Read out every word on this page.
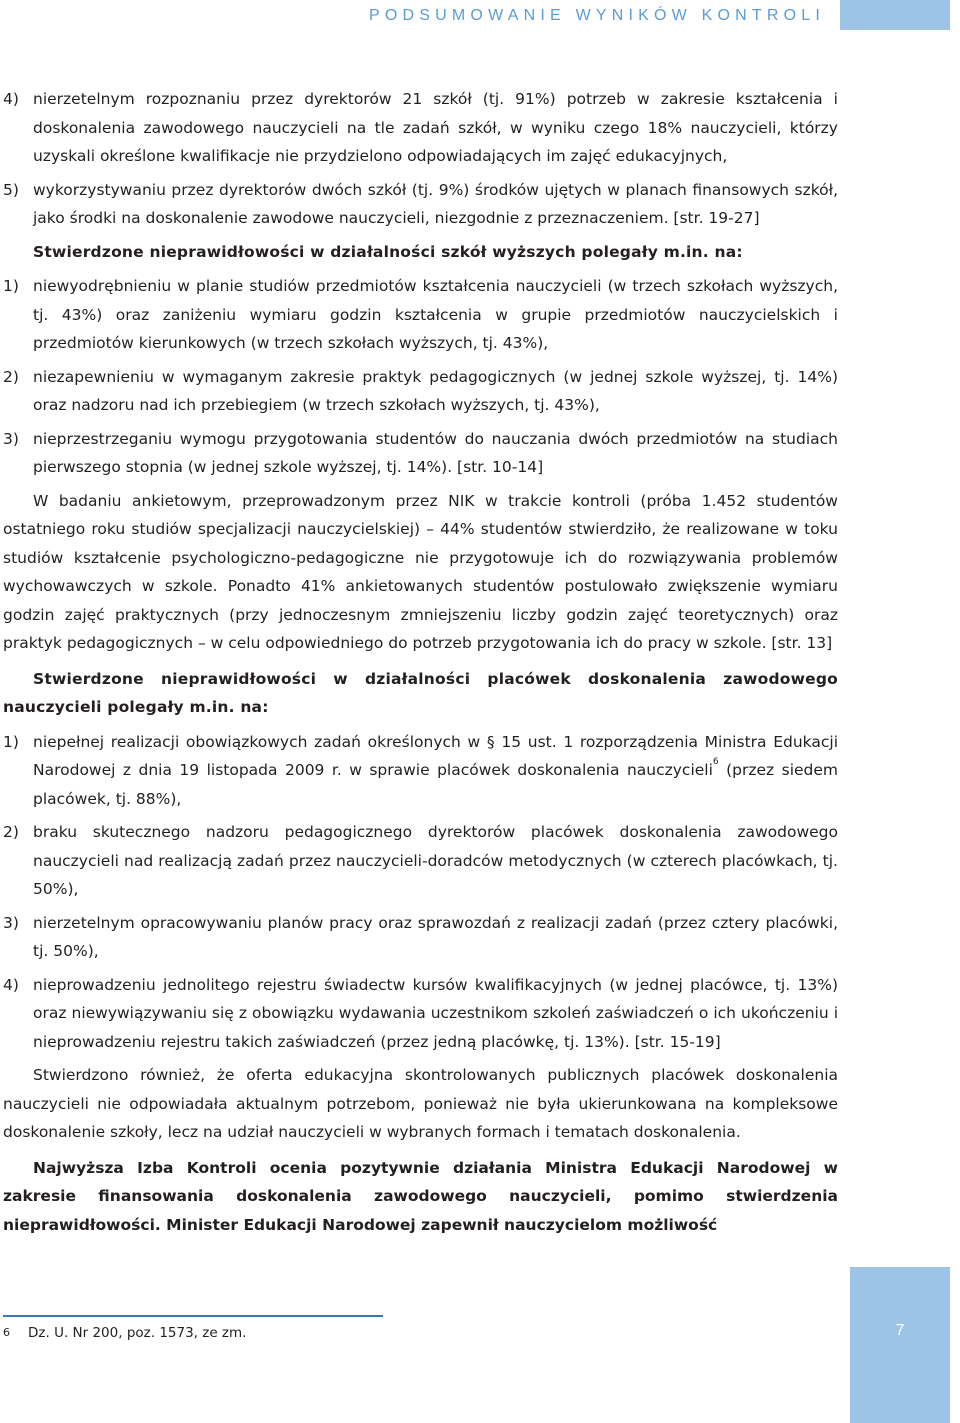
PODSUMOWANIE WYNIKÓW KONTROLI
4) nierzetelnym rozpoznaniu przez dyrektorów 21 szkół (tj. 91%) potrzeb w zakresie kształcenia i doskonalenia zawodowego nauczycieli na tle zadań szkół, w wyniku czego 18% nauczycieli, którzy uzyskali określone kwalifikacje nie przydzielono odpowiadających im zajęć edukacyjnych,

5) wykorzystywaniu przez dyrektorów dwóch szkół (tj. 9%) środków ujętych w planach finansowych szkół, jako środki na doskonalenie zawodowe nauczycieli, niezgodnie z przeznaczeniem. [str. 19-27]

Stwierdzone nieprawidłowości w działalności szkół wyższych polegały m.in. na:

1) niewyodrębnieniu w planie studiów przedmiotów kształcenia nauczycieli (w trzech szkołach wyższych, tj. 43%) oraz zaniżeniu wymiaru godzin kształcenia w grupie przedmiotów nauczycielskich i przedmiotów kierunkowych (w trzech szkołach wyższych, tj. 43%),

2) niezapewnieniu w wymaganym zakresie praktyk pedagogicznych (w jednej szkole wyższej, tj. 14%) oraz nadzoru nad ich przebiegiem (w trzech szkołach wyższych, tj. 43%),

3) nieprzestrzeganiu wymogu przygotowania studentów do nauczania dwóch przedmiotów na studiach pierwszego stopnia (w jednej szkole wyższej, tj. 14%). [str. 10-14]

W badaniu ankietowym, przeprowadzonym przez NIK w trakcie kontroli (próba 1.452 studentów ostatniego roku studiów specjalizacji nauczycielskiej) – 44% studentów stwierdziło, że realizowane w toku studiów kształcenie psychologiczno-pedagogiczne nie przygotowuje ich do rozwiązywania problemów wychowawczych w szkole. Ponadto 41% ankietowanych studentów postulowało zwiększenie wymiaru godzin zajęć praktycznych (przy jednoczesnym zmniejszeniu liczby godzin zajęć teoretycznych) oraz praktyk pedagogicznych – w celu odpowiedniego do potrzeb przygotowania ich do pracy w szkole. [str. 13]

Stwierdzone nieprawidłowości w działalności placówek doskonalenia zawodowego nauczycieli polegały m.in. na:

1) niepełnej realizacji obowiązkowych zadań określonych w § 15 ust. 1 rozporządzenia Ministra Edukacji Narodowej z dnia 19 listopada 2009 r. w sprawie placówek doskonalenia nauczycieli$^6$ (przez siedem placówek, tj. 88%),

2) braku skutecznego nadzoru pedagogicznego dyrektorów placówek doskonalenia zawodowego nauczycieli nad realizacją zadań przez nauczycieli-doradców metodycznych (w czterech placówkach, tj. 50%),

3) nierzetelnym opracowywaniu planów pracy oraz sprawozdań z realizacji zadań (przez cztery placówki, tj. 50%),

4) nieprowadzeniu jednolitego rejestru świadectw kursów kwalifikacyjnych (w jednej placówce, tj. 13%) oraz niewywiązywaniu się z obowiązku wydawania uczestnikom szkoleń zaświadczeń o ich ukończeniu i nieprowadzeniu rejestru takich zaświadczeń (przez jedną placówkę, tj. 13%). [str. 15-19]

Stwierdzono również, że oferta edukacyjna skontrolowanych publicznych placówek doskonalenia nauczycieli nie odpowiadała aktualnym potrzebom, ponieważ nie była ukierunkowana na kompleksowe doskonalenie szkoły, lecz na udział nauczycieli w wybranych formach i tematach doskonalenia.

Najwyższa Izba Kontroli ocenia pozytywnie działania Ministra Edukacji Narodowej w zakresie finansowania doskonalenia zawodowego nauczycieli, pomimo stwierdzenia nieprawidłowości. Minister Edukacji Narodowej zapewnił nauczycielom możliwość

6 Dz. U. Nr 200, poz. 1573, ze zm.	7
